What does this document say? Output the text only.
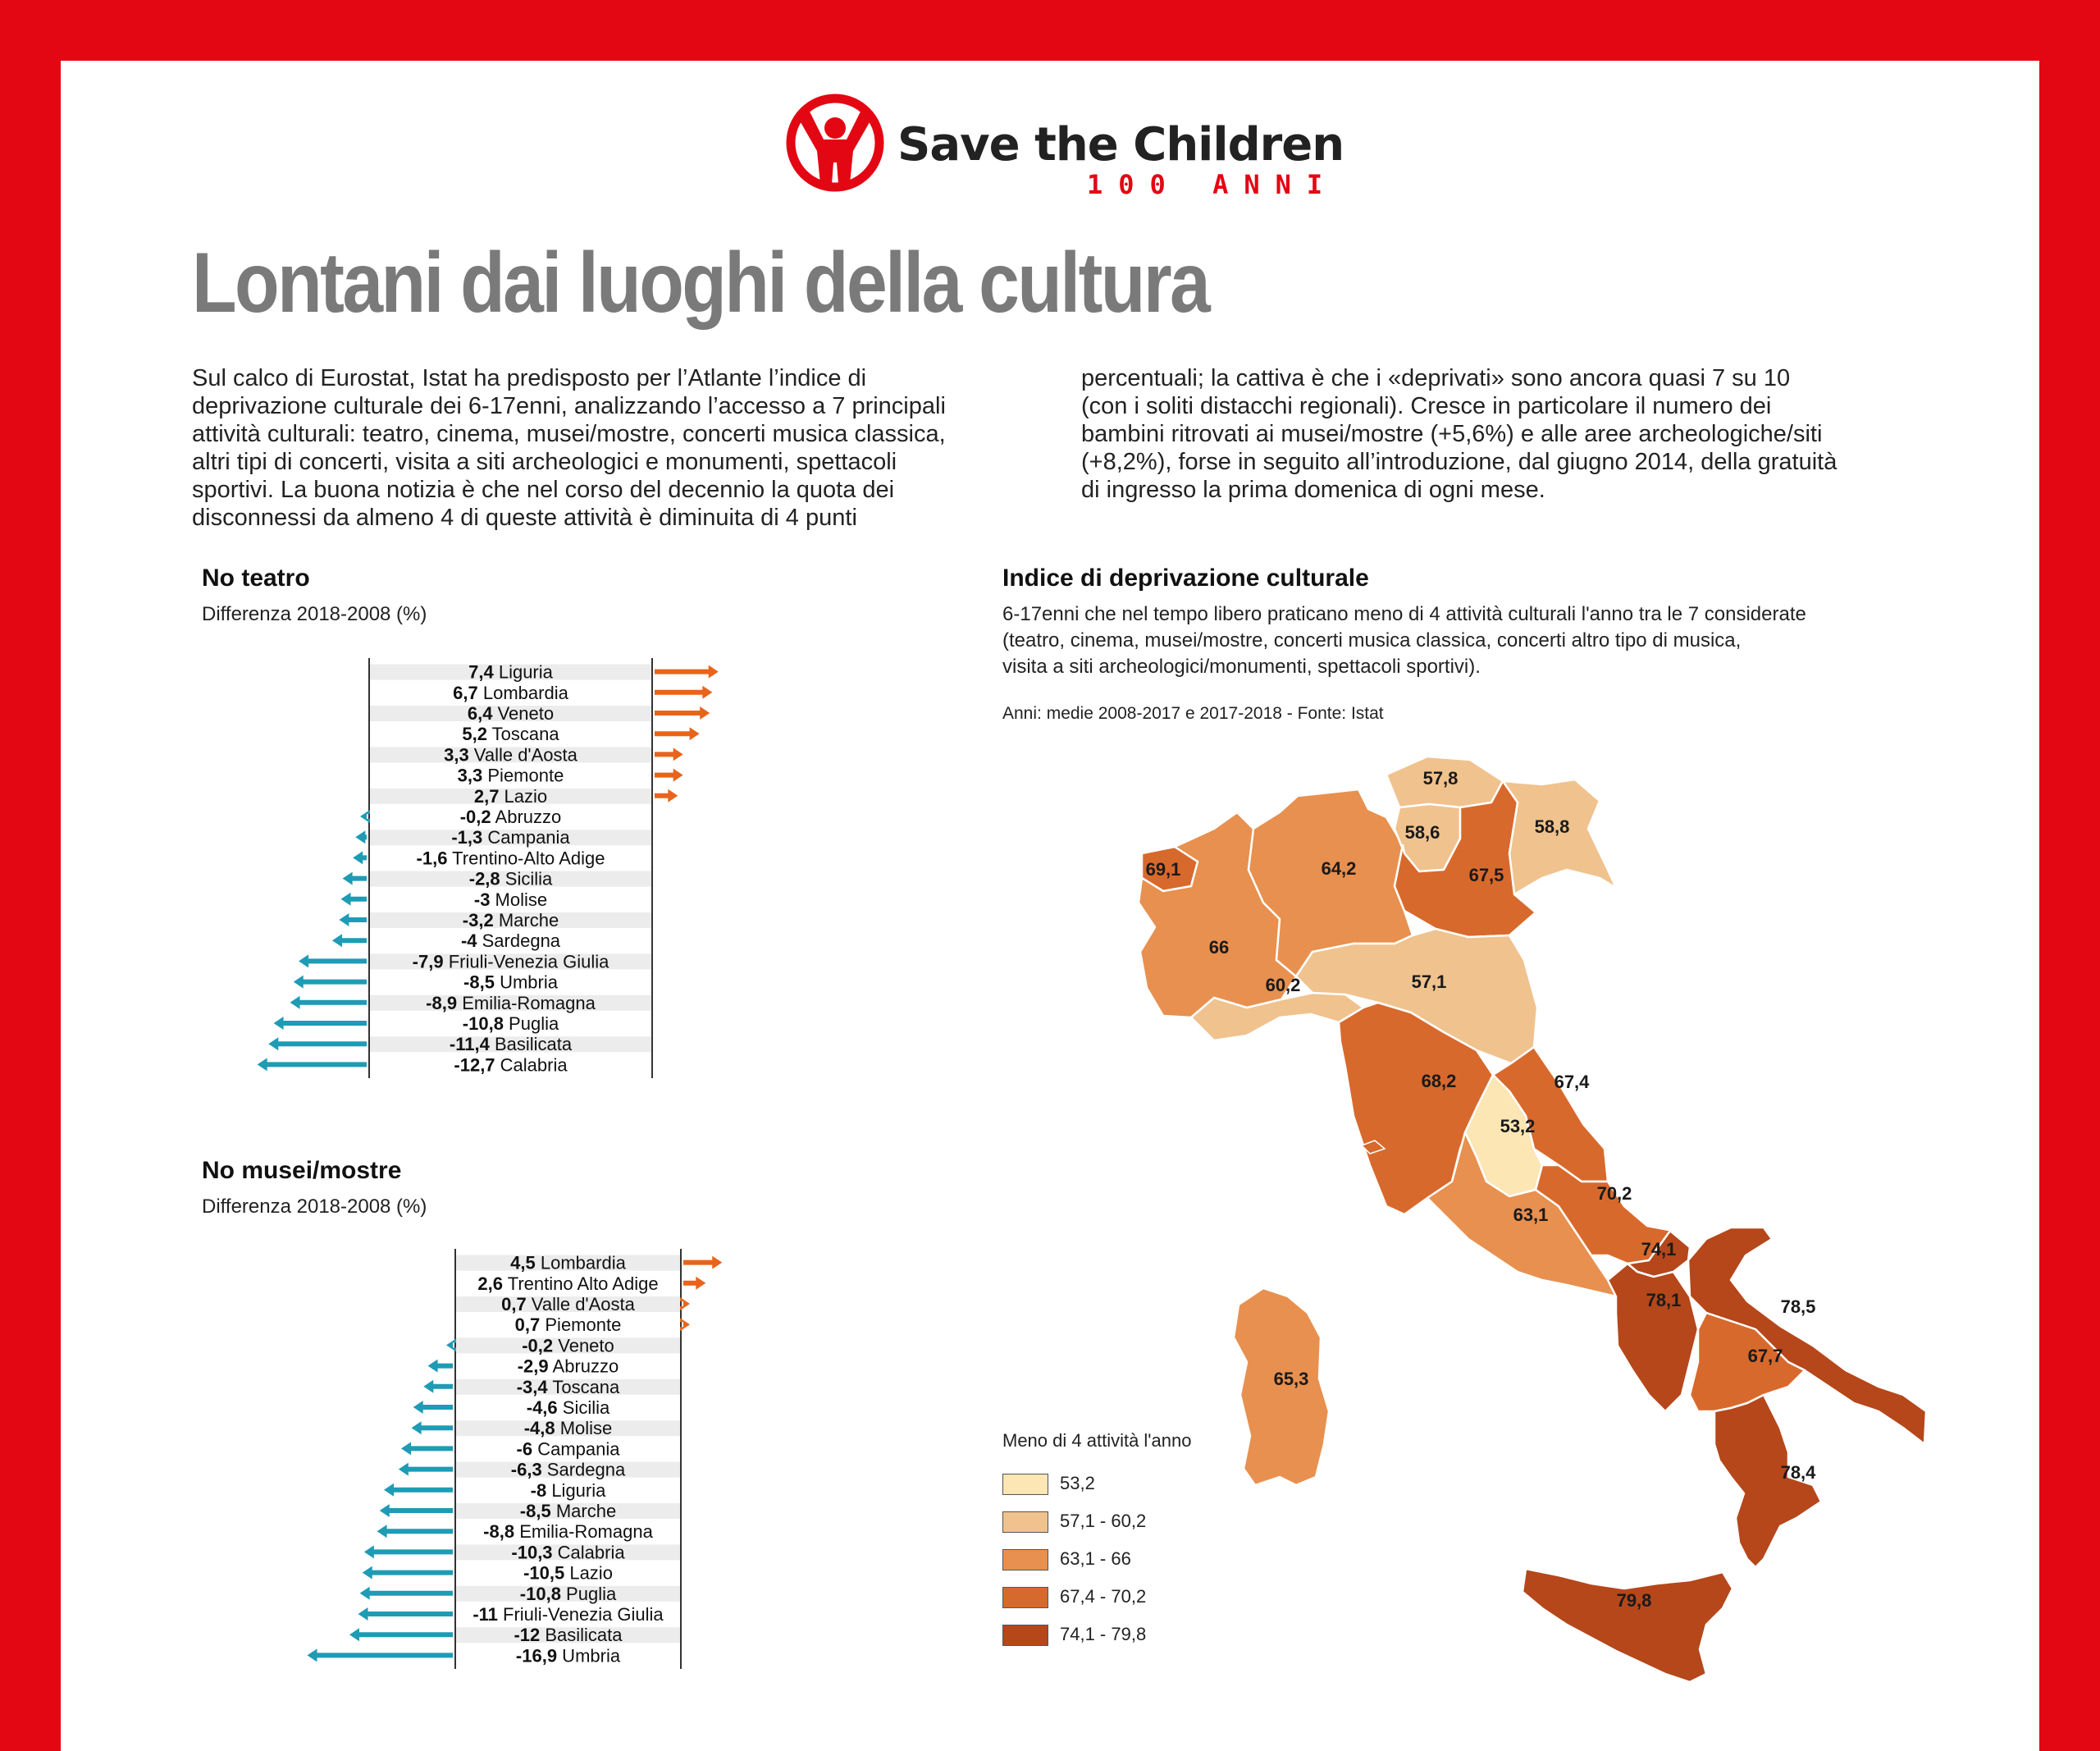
Save the Children
100 ANNI
Lontani dai luoghi della cultura
Sul calco di Eurostat, Istat ha predisposto per l’Atlante l’indice di
deprivazione culturale dei 6-17enni, analizzando l’accesso a 7 principali
attività culturali: teatro, cinema, musei/mostre, concerti musica classica,
altri tipi di concerti, visita a siti archeologici e monumenti, spettacoli
sportivi. La buona notizia è che nel corso del decennio la quota dei
disconnessi da almeno 4 di queste attività è diminuita di 4 punti
percentuali; la cattiva è che i «deprivati» sono ancora quasi 7 su 10
(con i soliti distacchi regionali). Cresce in particolare il numero dei
bambini ritrovati ai musei/mostre (+5,6%) e alle aree archeologiche/siti
(+8,2%), forse in seguito all’introduzione, dal giugno 2014, della gratuità
di ingresso la prima domenica di ogni mese.
No teatro
Differenza 2018-2008 (%)
7,4 Liguria
6,7 Lombardia
6,4 Veneto
5,2 Toscana
3,3 Valle d'Aosta
3,3 Piemonte
2,7 Lazio
-0,2 Abruzzo
-1,3 Campania
-1,6 Trentino-Alto Adige
-2,8 Sicilia
-3 Molise
-3,2 Marche
-4 Sardegna
-7,9 Friuli-Venezia Giulia
-8,5 Umbria
-8,9 Emilia-Romagna
-10,8 Puglia
-11,4 Basilicata
-12,7 Calabria
No musei/mostre
Differenza 2018-2008 (%)
4,5 Lombardia
2,6 Trentino Alto Adige
0,7 Valle d'Aosta
0,7 Piemonte
-0,2 Veneto
-2,9 Abruzzo
-3,4 Toscana
-4,6 Sicilia
-4,8 Molise
-6 Campania
-6,3 Sardegna
-8 Liguria
-8,5 Marche
-8,8 Emilia-Romagna
-10,3 Calabria
-10,5 Lazio
-10,8 Puglia
-11 Friuli-Venezia Giulia
-12 Basilicata
-16,9 Umbria
Indice di deprivazione culturale
6-17enni che nel tempo libero praticano meno di 4 attività culturali l'anno tra le 7 considerate
(teatro, cinema, musei/mostre, concerti musica classica, concerti altro tipo di musica,
visita a siti archeologici/monumenti, spettacoli sportivi).
Anni: medie 2008-2017 e 2017-2018 - Fonte: Istat
69,1
66
60,2
64,2
57,8
58,6	58,8
67,5
57,1
68,2	67,4
53,2
63,1
70,2
74,1
78,1	78,5
67,7
78,4
79,8
65,3
Meno di 4 attività l'anno
53,2
57,1 - 60,2
63,1 - 66
67,4 - 70,2
74,1 - 79,8
